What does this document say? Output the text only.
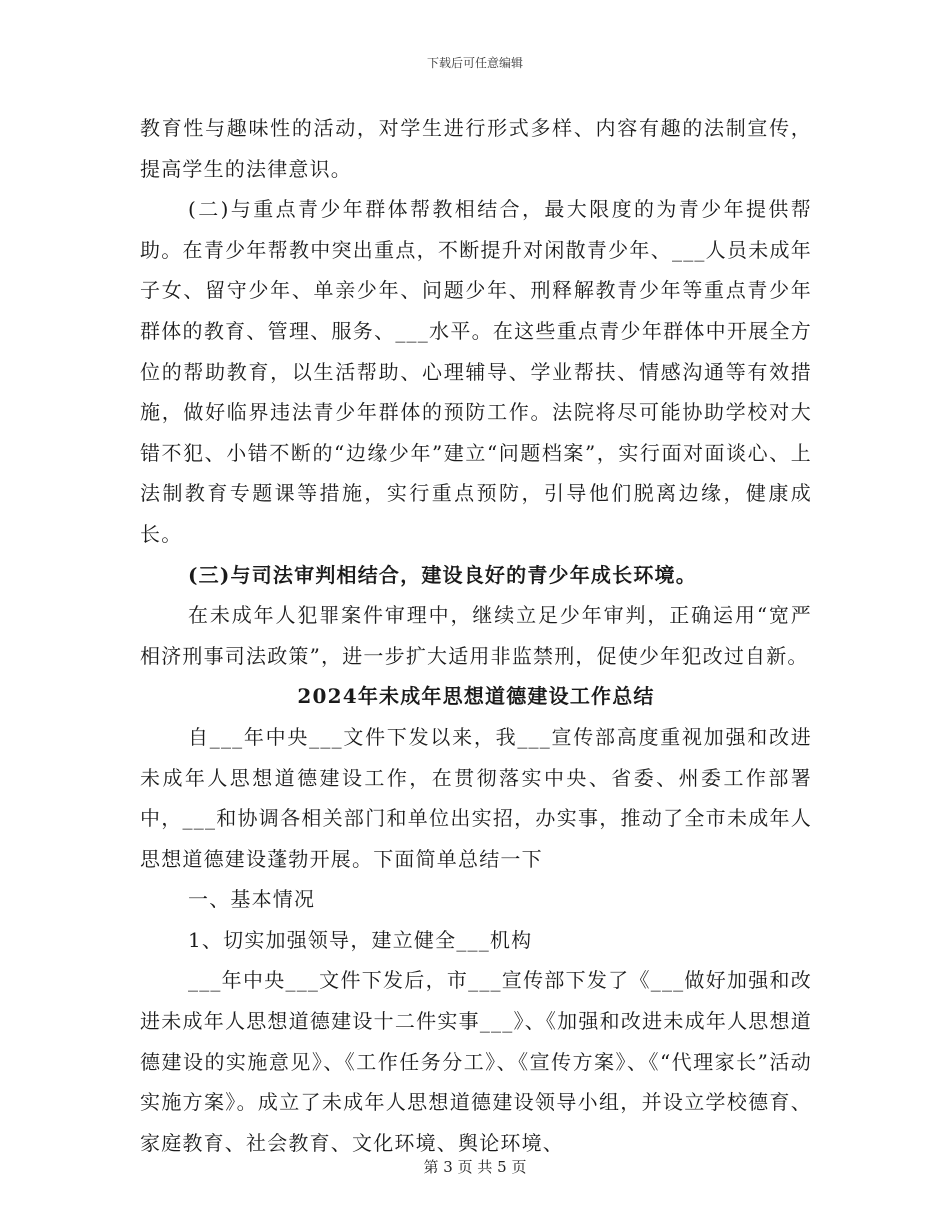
下载后可任意编辑

教育性与趣味性的活动，对学生进行形式多样、内容有趣的法制宣传，提高学生的法律意识。

(二)与重点青少年群体帮教相结合，最大限度的为青少年提供帮助。在青少年帮教中突出重点，不断提升对闲散青少年、___人员未成年子女、留守少年、单亲少年、问题少年、刑释解教青少年等重点青少年群体的教育、管理、服务、___水平。在这些重点青少年群体中开展全方位的帮助教育，以生活帮助、心理辅导、学业帮扶、情感沟通等有效措施，做好临界违法青少年群体的预防工作。法院将尽可能协助学校对大错不犯、小错不断的“边缘少年”建立“问题档案”，实行面对面谈心、上法制教育专题课等措施，实行重点预防，引导他们脱离边缘，健康成长。

(三)与司法审判相结合，建设良好的青少年成长环境。

在未成年人犯罪案件审理中，继续立足少年审判，正确运用“宽严相济刑事司法政策”，进一步扩大适用非监禁刑，促使少年犯改过自新。

2024年未成年思想道德建设工作总结

自___年中央___文件下发以来，我___宣传部高度重视加强和改进未成年人思想道德建设工作，在贯彻落实中央、省委、州委工作部署中，___和协调各相关部门和单位出实招，办实事，推动了全市未成年人思想道德建设蓬勃开展。下面简单总结一下

一、基本情况

1、切实加强领导，建立健全___机构

___年中央___文件下发后，市___宣传部下发了《___做好加强和改进未成年人思想道德建设十二件实事___》、《加强和改进未成年人思想道德建设的实施意见》、《工作任务分工》、《宣传方案》、《“代理家长”活动实施方案》。成立了未成年人思想道德建设领导小组，并设立学校德育、家庭教育、社会教育、文化环境、舆论环境、

第 3 页 共 5 页
